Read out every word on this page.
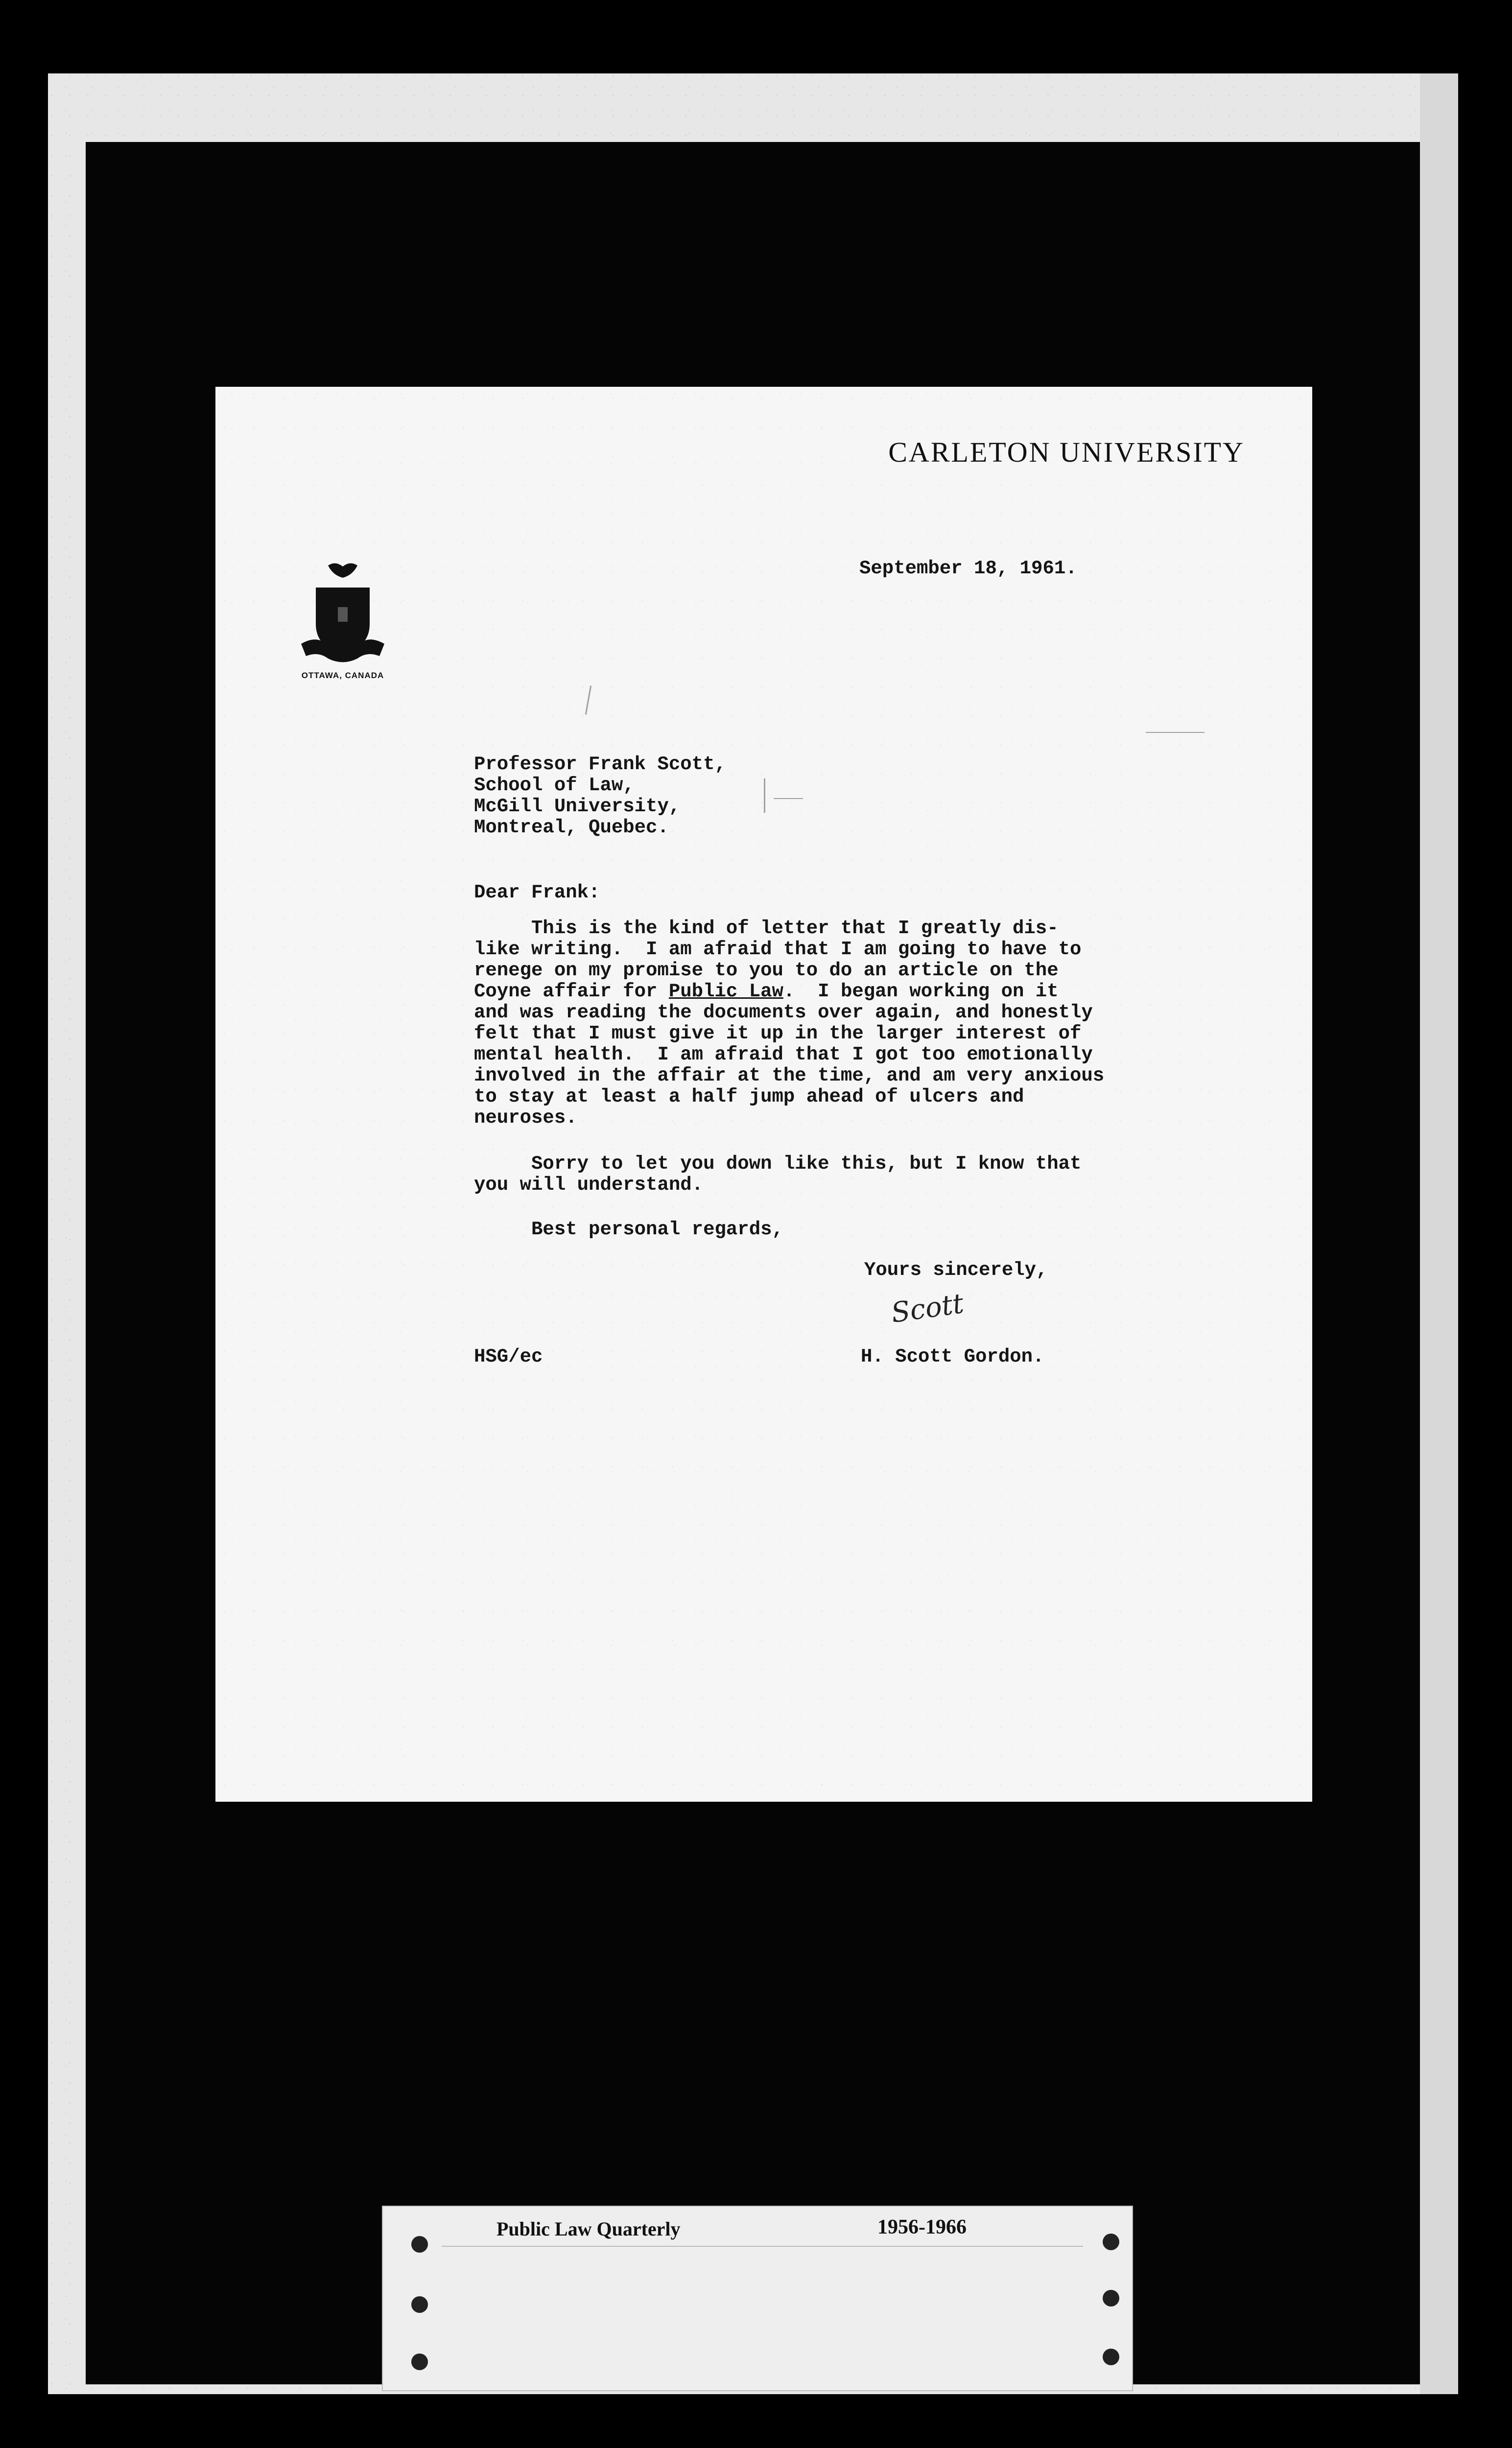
CARLETON UNIVERSITY
OTTAWA, CANADA
September 18, 1961.
Professor Frank Scott,
School of Law,
McGill University,
Montreal, Quebec.
Dear Frank:
This is the kind of letter that I greatly dis-
like writing.  I am afraid that I am going to have to
renege on my promise to you to do an article on the
Coyne affair for Public Law.  I began working on it
and was reading the documents over again, and honestly
felt that I must give it up in the larger interest of
mental health.  I am afraid that I got too emotionally
involved in the affair at the time, and am very anxious
to stay at least a half jump ahead of ulcers and
neuroses.
Sorry to let you down like this, but I know that
you will understand.
Best personal regards,
Yours sincerely,
Scott
HSG/ec	H. Scott Gordon.
Public Law Quarterly	1956-1966
